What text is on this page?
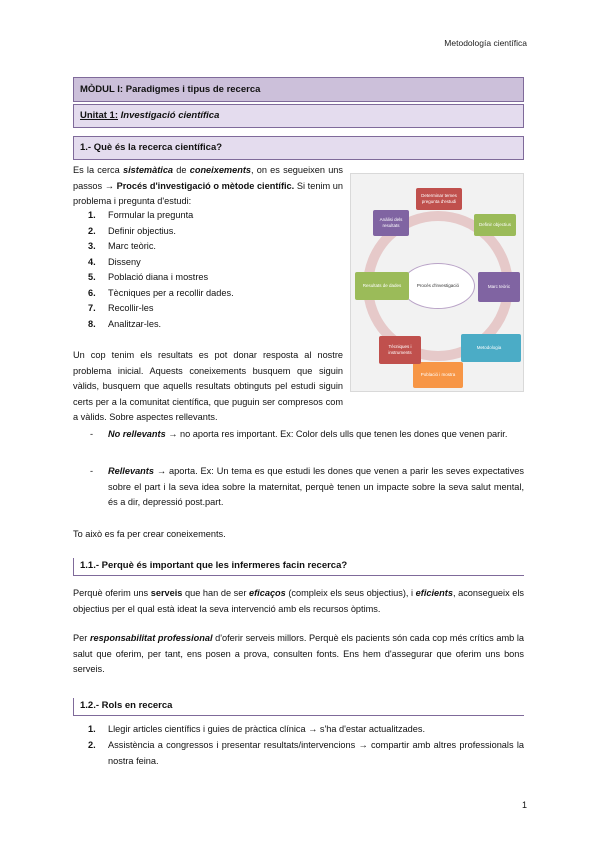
Metodología científica
MÒDUL I: Paradigmes i tipus de recerca
Unitat 1: Investigació científica
1.- Què és la recerca científica?
Es la cerca sistemàtica de coneixements, on es segueixen uns passos → Procés d'investigació o mètode científic. Si tenim un problema i pregunta d'estudi:
1. Formular la pregunta
2. Definir objectius.
3. Marc teòric.
4. Disseny
5. Població diana i mostres
6. Tècniques per a recollir dades.
7. Recollir-les
8. Analitzar-les.
Procés d'investigació
Determinar temes pregunta d'estudi
Definir objectius
Marc teòric
Metodologia
Població i mostra
Tècniques i instruments
Resultats de dades
Anàlisi dels resultats
Un cop tenim els resultats es pot donar resposta al nostre problema inicial. Aquests coneixements busquem que siguin vàlids, busquem que aquells resultats obtinguts pel estudi siguin certs per a la comunitat científica, que puguin ser compresos com a vàlids. Sobre aspectes rellevants.
- No rellevants → no aporta res important. Ex: Color dels ulls que tenen les dones que venen parir.
- Rellevants → aporta. Ex: Un tema es que estudi les dones que venen a parir les seves expectatives sobre el part i la seva idea sobre la maternitat, perquè tenen un impacte sobre la seva salut mental, és a dir, depressió post.part.
To això es fa per crear coneixements.
1.1.- Perquè és important que les infermeres facin recerca?
Perquè oferim uns serveis que han de ser eficaços (compleix els seus objectius), i eficients, aconsegueix els objectius per el qual està ideat la seva intervenció amb els recursos òptims.
Per responsabilitat professional d'oferir serveis millors. Perquè els pacients són cada cop més crítics amb la salut que oferim, per tant, ens posen a prova, consulten fonts. Ens hem d'assegurar que oferim uns bons serveis.
1.2.- Rols en recerca
1. Llegir articles científics i guies de pràctica clínica → s'ha d'estar actualitzades.
2. Assistència a congressos i presentar resultats/intervencions → compartir amb altres professionals la nostra feina.
1
